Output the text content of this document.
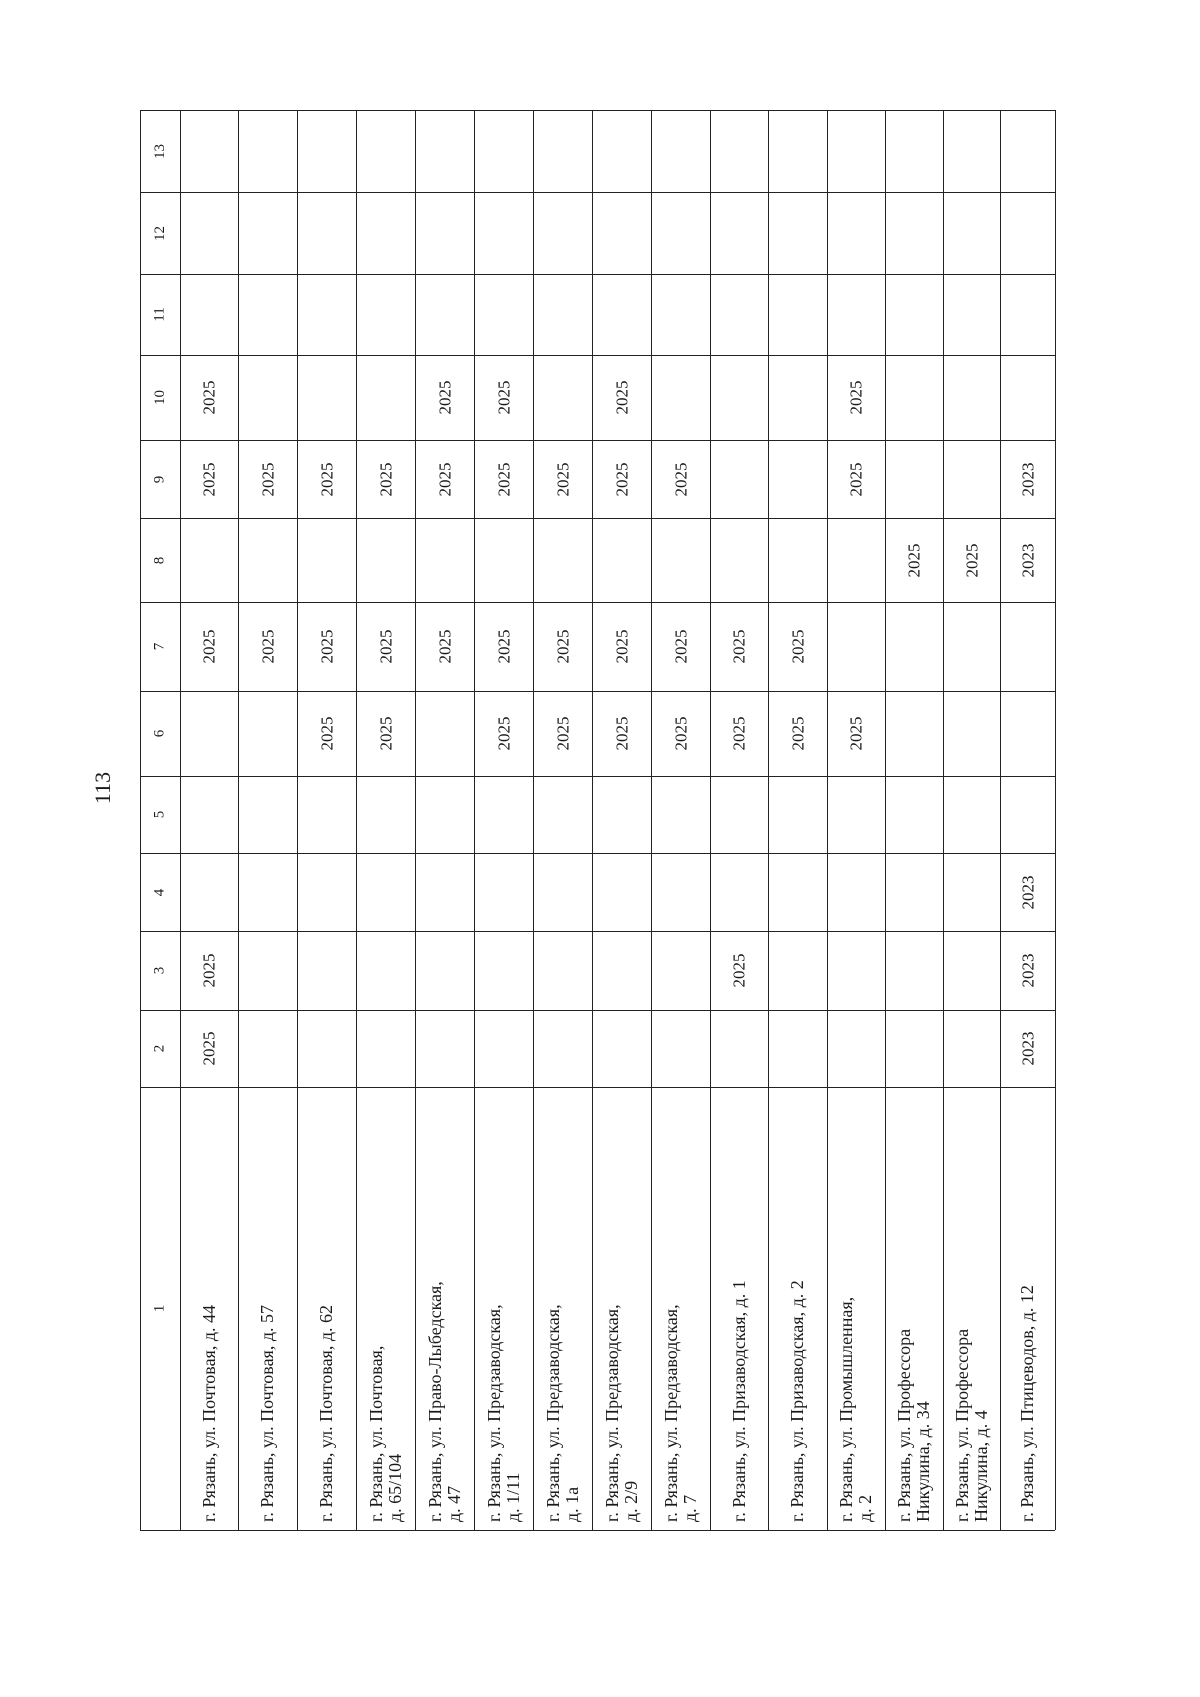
113
1
2
3
4
5
6
7
8
9
10
11
12
13
г. Рязань, ул. Почтовая, д. 44
2025
2025
2025
2025
2025
г. Рязань, ул. Почтовая, д. 57
2025
2025
г. Рязань, ул. Почтовая, д. 62
2025
2025
2025
г. Рязань, ул. Почтовая,
д. 65/104
2025
2025
2025
г. Рязань, ул. Право-Лыбедская,
д. 47
2025
2025
2025
г. Рязань, ул. Предзаводская,
д. 1/11
2025
2025
2025
2025
г. Рязань, ул. Предзаводская,
д. 1а
2025
2025
2025
г. Рязань, ул. Предзаводская,
д. 2/9
2025
2025
2025
2025
г. Рязань, ул. Предзаводская,
д. 7
2025
2025
2025
г. Рязань, ул. Призаводская, д. 1
2025
2025
2025
г. Рязань, ул. Призаводская, д. 2
2025
2025
г. Рязань, ул. Промышленная,
д. 2
2025
2025
2025
г. Рязань, ул. Профессора
Никулина, д. 34
2025
г. Рязань, ул. Профессора
Никулина, д. 4
2025
г. Рязань, ул. Птицеводов, д. 12
2023
2023
2023
2023
2023
